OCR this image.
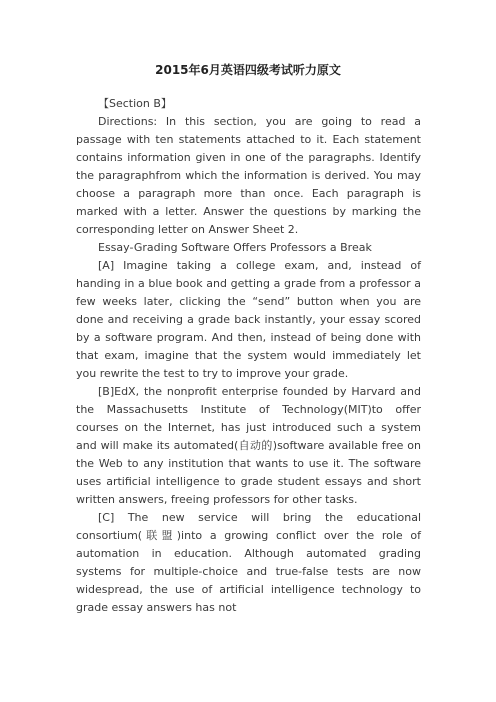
2015年6月英语四级考试听力原文

【Section B】

Directions: In this section, you are going to read a passage with ten statements attached to it. Each statement contains information given in one of the paragraphs. Identify the paragraphfrom which the information is derived. You may choose a paragraph more than once. Each paragraph is marked with a letter. Answer the questions by marking the corresponding letter on Answer Sheet 2.

Essay-Grading Software Offers Professors a Break

[A] Imagine taking a college exam, and, instead of handing in a blue book and getting a grade from a professor a few weeks later, clicking the “send” button when you are done and receiving a grade back instantly, your essay scored by a software program. And then, instead of being done with that exam, imagine that the system would immediately let you rewrite the test to try to improve your grade.

[B]EdX, the nonprofit enterprise founded by Harvard and the Massachusetts Institute of Technology(MIT)to offer courses on the Internet, has just introduced such a system and will make its automated(自动的)software available free on the Web to any institution that wants to use it. The software uses artificial intelligence to grade student essays and short written answers, freeing professors for other tasks.

[C] The new service will bring the educational consortium(联盟)into a growing conflict over the role of automation in education. Although automated grading systems for multiple-choice and true-false tests are now widespread, the use of artificial intelligence technology to grade essay answers has not
